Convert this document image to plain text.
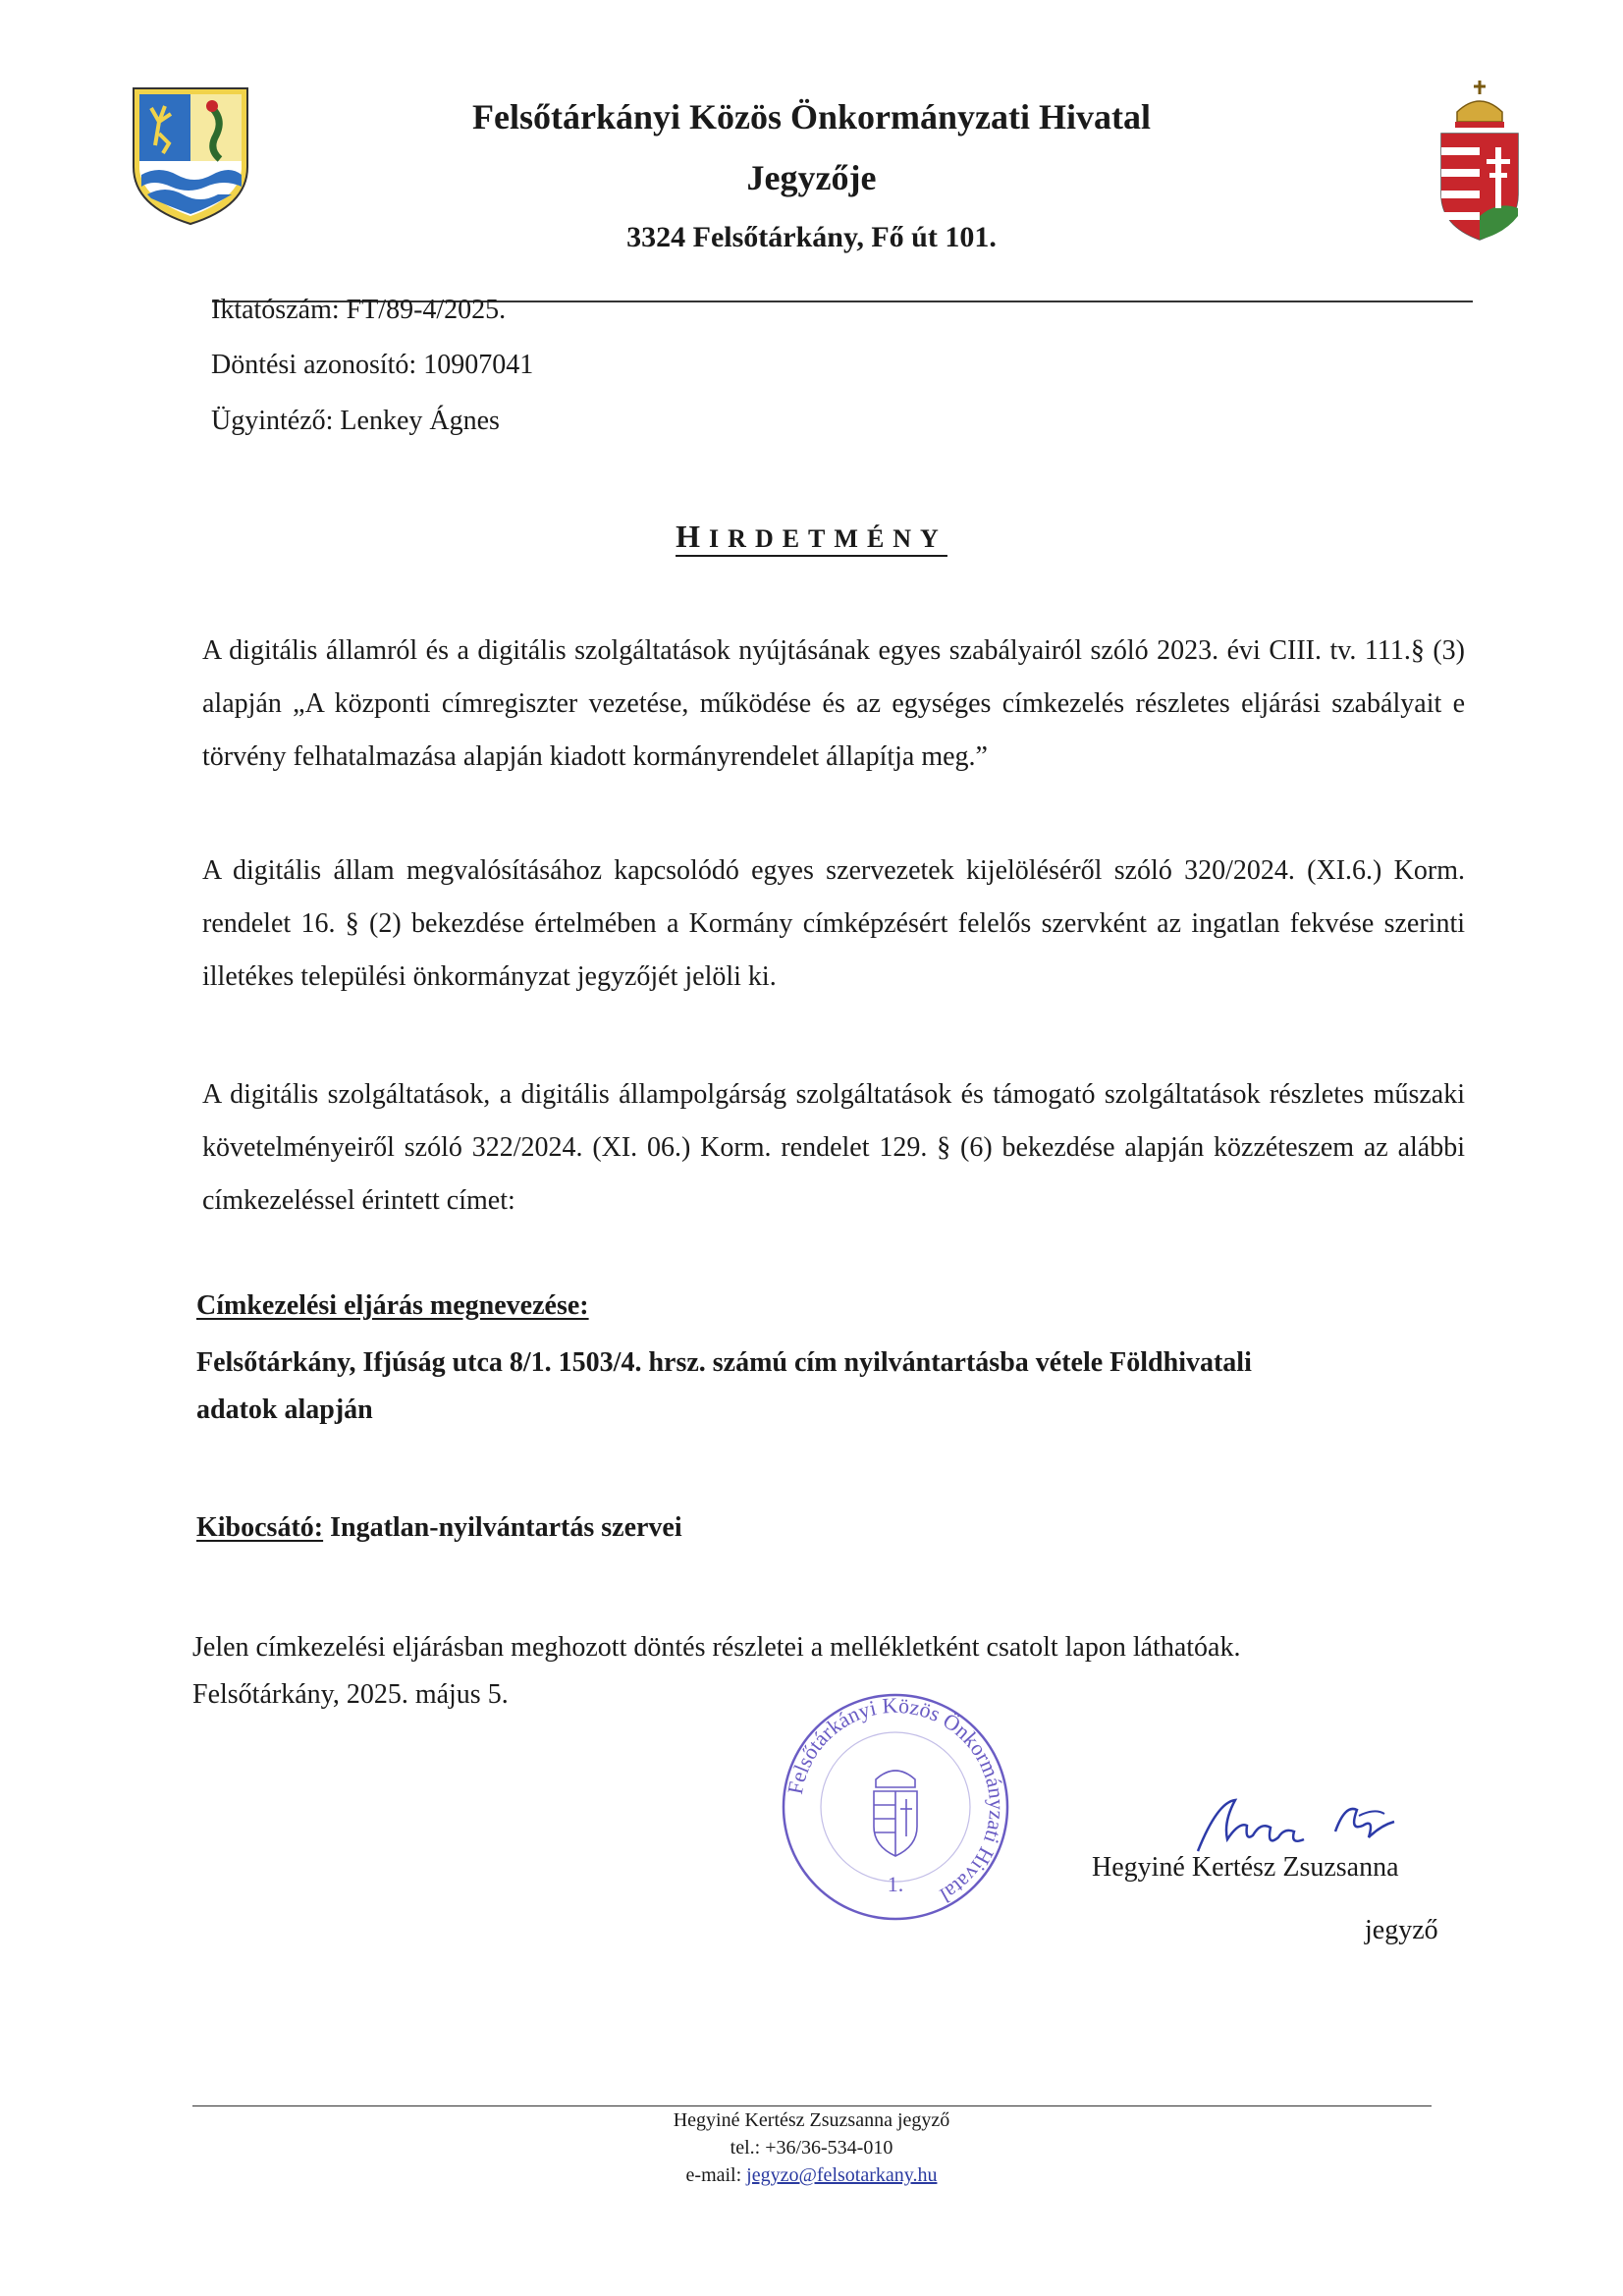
Felsőtárkányi Közös Önkormányzati Hivatal
Jegyzője
3324 Felsőtárkány, Fő út 101.
Iktatószám: FT/89-4/2025.
Döntési azonosító: 10907041
Ügyintéző: Lenkey Ágnes
HIRDETMÉNY
A digitális államról és a digitális szolgáltatások nyújtásának egyes szabályairól szóló 2023. évi CIII. tv. 111.§ (3) alapján „A központi címregiszter vezetése, működése és az egységes címkezelés részletes eljárási szabályait e törvény felhatalmazása alapján kiadott kormányrendelet állapítja meg.”
A digitális állam megvalósításához kapcsolódó egyes szervezetek kijelöléséről szóló 320/2024. (XI.6.) Korm. rendelet 16. § (2) bekezdése értelmében a Kormány címképzésért felelős szervként az ingatlan fekvése szerinti illetékes települési önkormányzat jegyzőjét jelöli ki.
A digitális szolgáltatások, a digitális állampolgárság szolgáltatások és támogató szolgáltatások részletes műszaki követelményeiről szóló 322/2024. (XI. 06.) Korm. rendelet 129. § (6) bekezdése alapján közzéteszem az alábbi címkezeléssel érintett címet:
Címkezelési eljárás megnevezése:
Felsőtárkány, Ifjúság utca 8/1. 1503/4. hrsz. számú cím nyilvántartásba vétele Földhivatali
adatok alapján
Kibocsátó: Ingatlan-nyilvántartás szervei
Jelen címkezelési eljárásban meghozott döntés részletei a mellékletként csatolt lapon láthatóak.
Felsőtárkány, 2025. május 5.
Felsőtárkányi Közös Önkormányzati Hivatal
1.
Hegyiné Kertész Zsuzsanna
jegyző
Hegyiné Kertész Zsuzsanna jegyző
tel.: +36/36-534-010
e-mail: jegyzo@felsotarkany.hu
